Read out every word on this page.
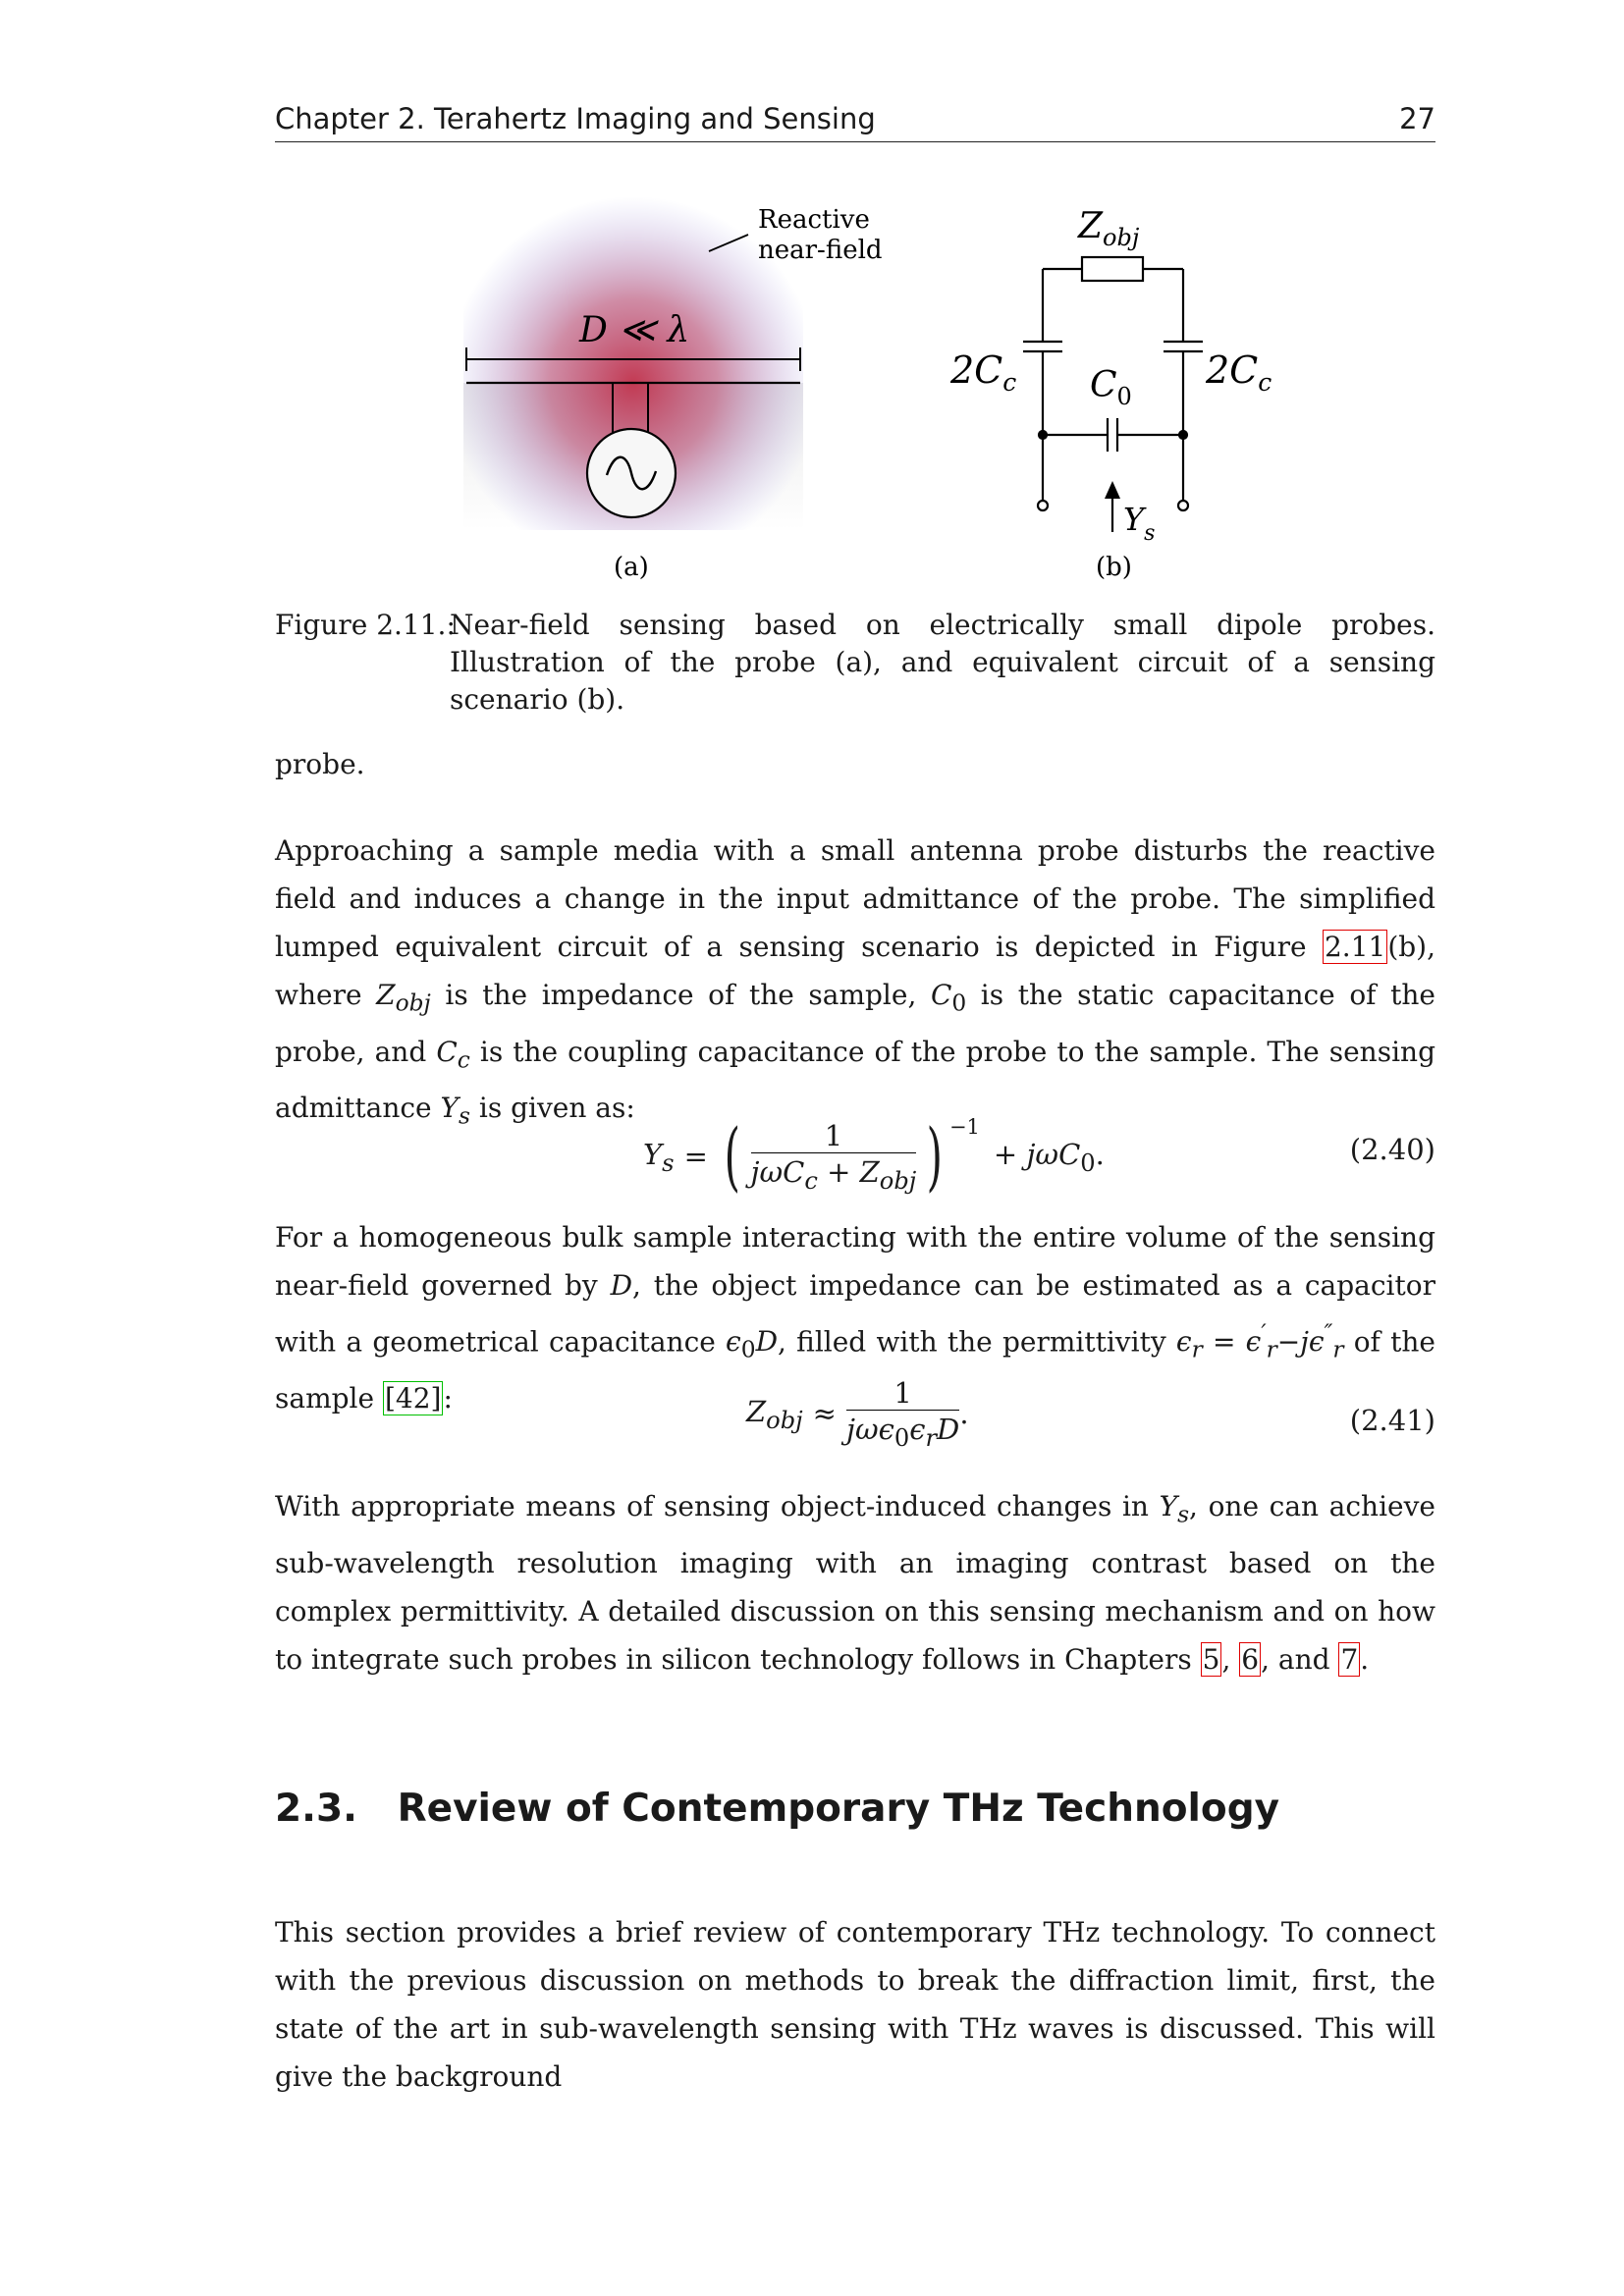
Chapter 2. Terahertz Imaging and Sensing	27
Reactive
near-field
D ≪ λ
(a)
$Z_{obj}$
$C_0$
$2C_c$	$2C_c$
$Y_s$
(b)
Figure 2.11.:
Near-field sensing based on electrically small dipole probes. Illustration of the probe (a), and equivalent circuit of a sensing scenario (b).
probe.
Approaching a sample media with a small antenna probe disturbs the reactive field and induces a change in the input admittance of the probe. The simplified lumped equivalent circuit of a sensing scenario is depicted in Figure 2.11(b), where $Z_{obj}$ is the impedance of the sample, $C_0$ is the static capacitance of the probe, and $C_c$ is the coupling capacitance of the probe to the sample. The sensing admittance $Y_s$ is given as:
$Y_s$ = (	1
$j\omega C_c + Z_{obj}$ ) $^{-1}$
+ jωC$_0$.	(2.40)
For a homogeneous bulk sample interacting with the entire volume of the sensing near-field governed by D, the object impedance can be estimated as a capacitor with a geometrical capacitance $\epsilon_0D$, filled with the permittivity $\epsilon_r = \epsilon'_r-j\epsilon''_r$ of the sample [42]:	$Z_{obj}$ ≈
1
$j\omega\epsilon_0\epsilon_rD$ .	(2.41)
With appropriate means of sensing object-induced changes in $Y_s$, one can achieve sub-wavelength resolution imaging with an imaging contrast based on the complex permittivity. A detailed discussion on this sensing mechanism and on how to integrate such probes in silicon technology follows in Chapters 5, 6, and 7.
2.3.   Review of Contemporary THz Technology
This section provides a brief review of contemporary THz technology. To connect with the previous discussion on methods to break the diffraction limit, first, the state of the art in sub-wavelength sensing with THz waves is discussed. This will give the background
